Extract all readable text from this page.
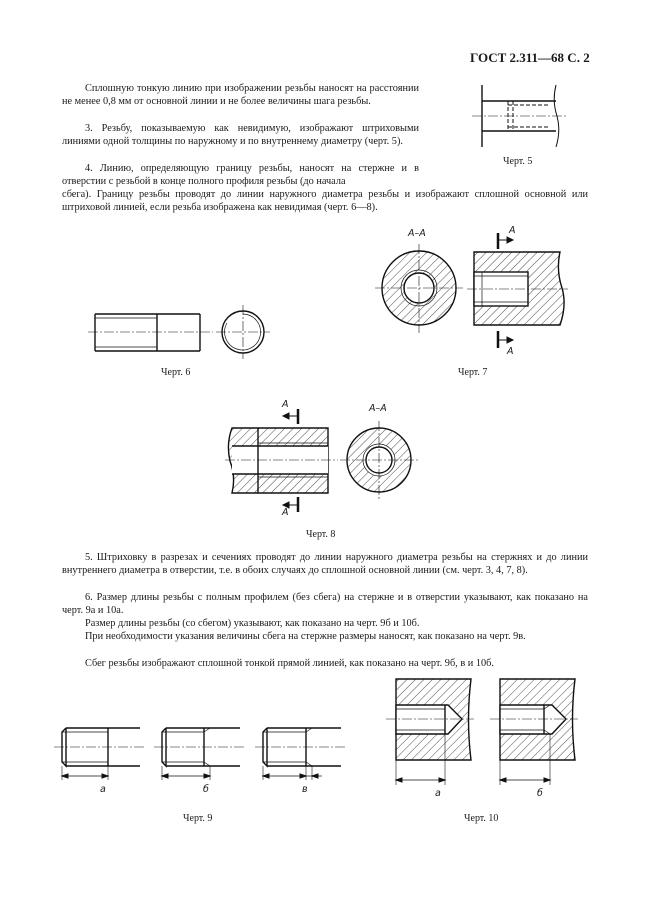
ГОСТ 2.311—68 С. 2

Сплошную тонкую линию при изображении резьбы наносят на расстоянии не менее 0,8 мм от основной линии и не более величины шага резьбы.

3. Резьбу, показываемую как невидимую, изображают штриховыми линиями одной толщины по наружному и по внутреннему диаметру (черт. 5).

4. Линию, определяющую границу резьбы, наносят на стержне и в отверстии с резьбой в конце полного профиля резьбы (до начала

сбега). Границу резьбы проводят до линии наружного диаметра резьбы и изображают сплошной основной или штриховой линией, если резьба изображена как невидимая (черт. 6—8).

5. Штриховку в разрезах и сечениях проводят до линии наружного диаметра резьбы на стержнях и до линии внутреннего диаметра в отверстии, т.е. в обоих случаях до сплошной основной линии (см. черт. 3, 4, 7, 8).

6. Размер длины резьбы с полным профилем (без сбега) на стержне и в отверстии указывают, как показано на черт. 9а и 10а.

Размер длины резьбы (со сбегом) указывают, как показано на черт. 9б и 10б.

При необходимости указания величины сбега на стержне размеры наносят, как показано на черт. 9в.

Сбег резьбы изображают сплошной тонкой прямой линией, как показано на черт. 9б, в и 10б.

Черт. 5
Черт. 6	Черт. 7
Черт. 8
Черт. 9	Черт. 10
А–А	А
А
А–А
А
А
а	б	в	а	б
